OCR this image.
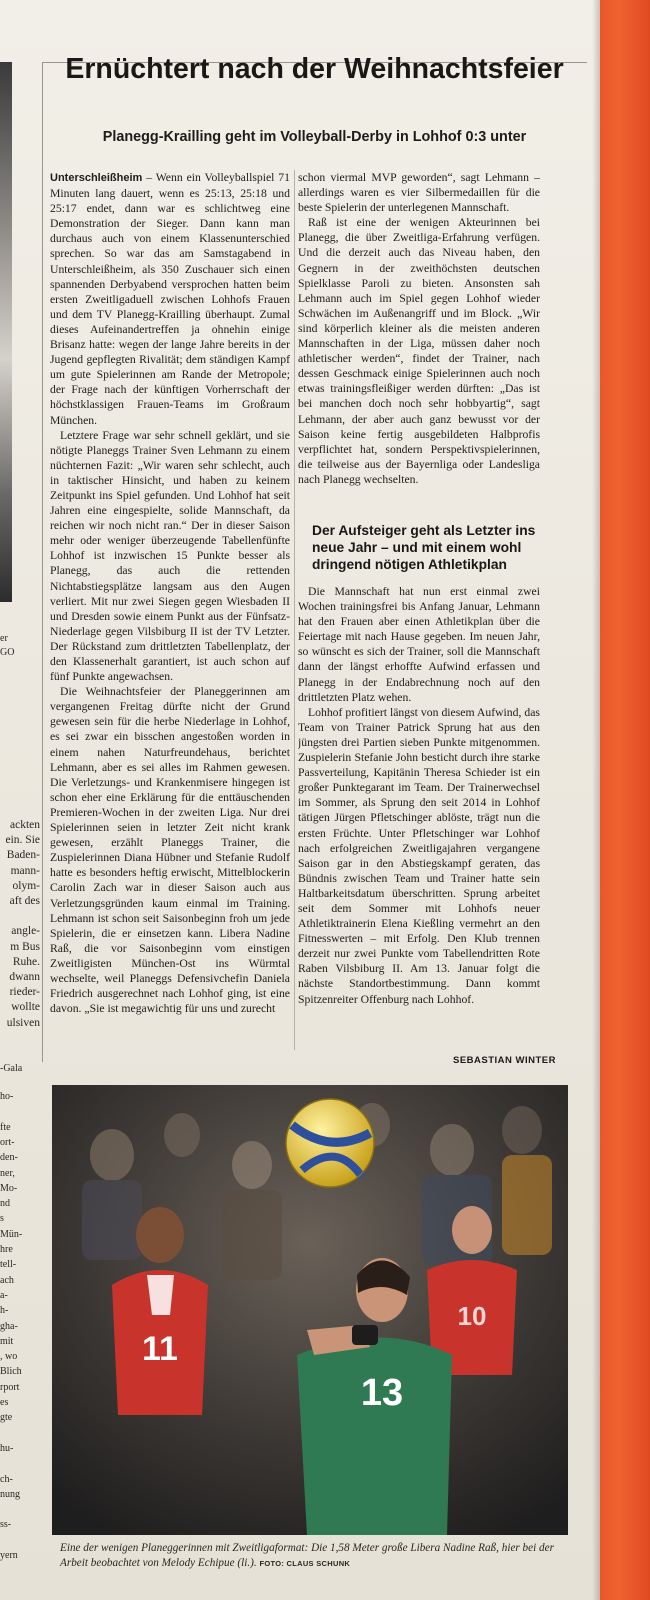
er
GO
ackten
ein. Sie
Baden-
mann-
olym-
aft des
angle-
m Bus
Ruhe.
dwann
rieder-
wollte
ulsiven
-Gala
ho-
fte
ort-
den-
ner,
Mo-
nd
s
Mün-
hre
tell-
ach
a-
h-
gha-
mit
, wo
Blich
rport
es
gte
hu-
ch-
nung
ss-
yern
Ernüchtert nach der Weihnachtsfeier
Planegg-Krailling geht im Volleyball-Derby in Lohhof 0:3 unter

Unterschleißheim – Wenn ein Volleyballspiel 71 Minuten lang dauert, wenn es 25:13, 25:18 und 25:17 endet, dann war es schlichtweg eine Demonstration der Sieger. Dann kann man durchaus auch von einem Klassenunterschied sprechen. So war das am Samstagabend in Unterschleißheim, als 350 Zuschauer sich einen spannenden Derbyabend versprochen hatten beim ersten Zweitligaduell zwischen Lohhofs Frauen und dem TV Planegg-Krailling überhaupt. Zumal dieses Aufeinandertreffen ja ohnehin einige Brisanz hatte: wegen der lange Jahre bereits in der Jugend gepflegten Rivalität; dem ständigen Kampf um gute Spielerinnen am Rande der Metropole; der Frage nach der künftigen Vorherrschaft der höchstklassigen Frauen-Teams im Großraum München.

Letztere Frage war sehr schnell geklärt, und sie nötigte Planeggs Trainer Sven Lehmann zu einem nüchternen Fazit: „Wir waren sehr schlecht, auch in taktischer Hinsicht, und haben zu keinem Zeitpunkt ins Spiel gefunden. Und Lohhof hat seit Jahren eine eingespielte, solide Mannschaft, da reichen wir noch nicht ran.“ Der in dieser Saison mehr oder weniger überzeugende Tabellenfünfte Lohhof ist inzwischen 15 Punkte besser als Planegg, das auch die rettenden Nichtabstiegsplätze langsam aus den Augen verliert. Mit nur zwei Siegen gegen Wiesbaden II und Dresden sowie einem Punkt aus der Fünfsatz-Niederlage gegen Vilsbiburg II ist der TV Letzter. Der Rückstand zum drittletzten Tabellenplatz, der den Klassenerhalt garantiert, ist auch schon auf fünf Punkte angewachsen.

Die Weihnachtsfeier der Planeggerinnen am vergangenen Freitag dürfte nicht der Grund gewesen sein für die herbe Niederlage in Lohhof, es sei zwar ein bisschen angestoßen worden in einem nahen Naturfreundehaus, berichtet Lehmann, aber es sei alles im Rahmen gewesen. Die Verletzungs- und Krankenmisere hingegen ist schon eher eine Erklärung für die enttäuschenden Premieren-Wochen in der zweiten Liga. Nur drei Spielerinnen seien in letzter Zeit nicht krank gewesen, erzählt Planeggs Trainer, die Zuspielerinnen Diana Hübner und Stefanie Rudolf hatte es besonders heftig erwischt, Mittelblockerin Carolin Zach war in dieser Saison auch aus Verletzungsgründen kaum einmal im Training. Lehmann ist schon seit Saisonbeginn froh um jede Spielerin, die er einsetzen kann. Libera Nadine Raß, die vor Saisonbeginn vom einstigen Zweitligisten München-Ost ins Würmtal wechselte, weil Planeggs Defensivchefin Daniela Friedrich ausgerechnet nach Lohhof ging, ist eine davon. „Sie ist megawichtig für uns und zurecht

schon viermal MVP geworden“, sagt Lehmann – allerdings waren es vier Silbermedaillen für die beste Spielerin der unterlegenen Mannschaft.

Raß ist eine der wenigen Akteurinnen bei Planegg, die über Zweitliga-Erfahrung verfügen. Und die derzeit auch das Niveau haben, den Gegnern in der zweithöchsten deutschen Spielklasse Paroli zu bieten. Ansonsten sah Lehmann auch im Spiel gegen Lohhof wieder Schwächen im Außenangriff und im Block. „Wir sind körperlich kleiner als die meisten anderen Mannschaften in der Liga, müssen daher noch athletischer werden“, findet der Trainer, nach dessen Geschmack einige Spielerinnen auch noch etwas trainingsfleißiger werden dürften: „Das ist bei manchen doch noch sehr hobbyartig“, sagt Lehmann, der aber auch ganz bewusst vor der Saison keine fertig ausgebildeten Halbprofis verpflichtet hat, sondern Perspektivspielerinnen, die teilweise aus der Bayernliga oder Landesliga nach Planegg wechselten.

Der Aufsteiger geht als Letzter ins neue Jahr – und mit einem wohl dringend nötigen Athletikplan

Die Mannschaft hat nun erst einmal zwei Wochen trainingsfrei bis Anfang Januar, Lehmann hat den Frauen aber einen Athletikplan über die Feiertage mit nach Hause gegeben. Im neuen Jahr, so wünscht es sich der Trainer, soll die Mannschaft dann der längst erhoffte Aufwind erfassen und Planegg in der Endabrechnung noch auf den drittletzten Platz wehen.

Lohhof profitiert längst von diesem Aufwind, das Team von Trainer Patrick Sprung hat aus den jüngsten drei Partien sieben Punkte mitgenommen. Zuspielerin Stefanie John besticht durch ihre starke Passverteilung, Kapitänin Theresa Schieder ist ein großer Punktegarant im Team. Der Trainerwechsel im Sommer, als Sprung den seit 2014 in Lohhof tätigen Jürgen Pfletschinger ablöste, trägt nun die ersten Früchte. Unter Pfletschinger war Lohhof nach erfolgreichen Zweitligajahren vergangene Saison gar in den Abstiegskampf geraten, das Bündnis zwischen Team und Trainer hatte sein Haltbarkeitsdatum überschritten. Sprung arbeitet seit dem Sommer mit Lohhofs neuer Athletiktrainerin Elena Kießling vermehrt an den Fitnesswerten – mit Erfolg. Den Klub trennen derzeit nur zwei Punkte vom Tabellendritten Rote Raben Vilsbiburg II. Am 13. Januar folgt die nächste Standortbestimmung. Dann kommt Spitzenreiter Offenburg nach Lohhof.

SEBASTIAN WINTER
13
11
10

Eine der wenigen Planeggerinnen mit Zweitligaformat: Die 1,58 Meter große Libera Nadine Raß, hier bei der Arbeit beobachtet von Melody Echipue (li.). FOTO: CLAUS SCHUNK
